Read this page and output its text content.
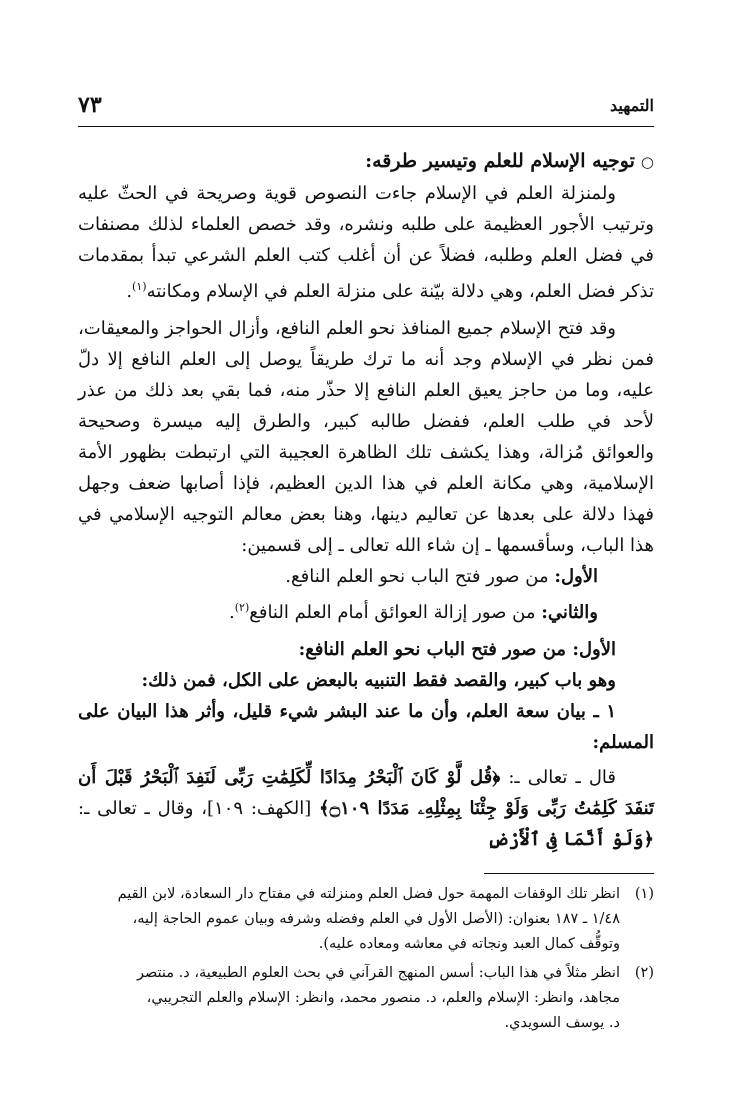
التمهيد
٧٣

○توجيه الإسلام للعلم وتيسير طرقه:

ولمنزلة العلم في الإسلام جاءت النصوص قوية وصريحة في الحثّ عليه وترتيب الأجور العظيمة على طلبه ونشره، وقد خصص العلماء لذلك مصنفات في فضل العلم وطلبه، فضلاً عن أن أغلب كتب العلم الشرعي تبدأ بمقدمات تذكر فضل العلم، وهي دلالة بيّنة على منزلة العلم في الإسلام ومكانته$^{(١)}$.

وقد فتح الإسلام جميع المنافذ نحو العلم النافع، وأزال الحواجز والمعيقات، فمن نظر في الإسلام وجد أنه ما ترك طريقاً يوصل إلى العلم النافع إلا دلّ عليه، وما من حاجز يعيق العلم النافع إلا حذّر منه، فما بقي بعد ذلك من عذر لأحد في طلب العلم، ففضل طالبه كبير، والطرق إليه ميسرة وصحيحة والعوائق مُزالة، وهذا يكشف تلك الظاهرة العجيبة التي ارتبطت بظهور الأمة الإسلامية، وهي مكانة العلم في هذا الدين العظيم، فإذا أصابها ضعف وجهل فهذا دلالة على بعدها عن تعاليم دينها، وهنا بعض معالم التوجيه الإسلامي في هذا الباب، وسأقسمها ـ إن شاء الله تعالى ـ إلى قسمين:

الأول: من صور فتح الباب نحو العلم النافع.

والثاني: من صور إزالة العوائق أمام العلم النافع$^{(٢)}$.

الأول: من صور فتح الباب نحو العلم النافع:

وهو باب كبير، والقصد فقط التنبيه بالبعض على الكل، فمن ذلك:

١ ـ بيان سعة العلم، وأن ما عند البشر شيء قليل، وأثر هذا البيان على المسلم:

قال ـ تعالى ـ: ﴿قُل لَّوْ كَانَ ٱلْبَحْرُ مِدَادًا لِّكَلِمَٰتِ رَبِّى لَنَفِدَ ٱلْبَحْرُ قَبْلَ أَن تَنفَدَ كَلِمَٰتُ رَبِّى وَلَوْ جِئْنَا بِمِثْلِهِۦ مَدَدًا ۝١٠٩﴾ [الكهف: ١٠٩]، وقال ـ تعالى ـ: ﴿وَلَوْ أَنَّمَا فِى ٱلْأَرْضِ

(١)انظر تلك الوقفات المهمة حول فضل العلم ومنزلته في مفتاح دار السعادة، لابن القيم

١/٤٨ ـ ١٨٧ بعنوان: (الأصل الأول في العلم وفضله وشرفه وبيان عموم الحاجة إليه،

وتوقُّف كمال العبد ونجاته في معاشه ومعاده عليه).

(٢)انظر مثلاً في هذا الباب: أسس المنهج القرآني في بحث العلوم الطبيعية، د. منتصر

مجاهد، وانظر: الإسلام والعلم، د. منصور محمد، وانظر: الإسلام والعلم التجريبي،

د. يوسف السويدي.
